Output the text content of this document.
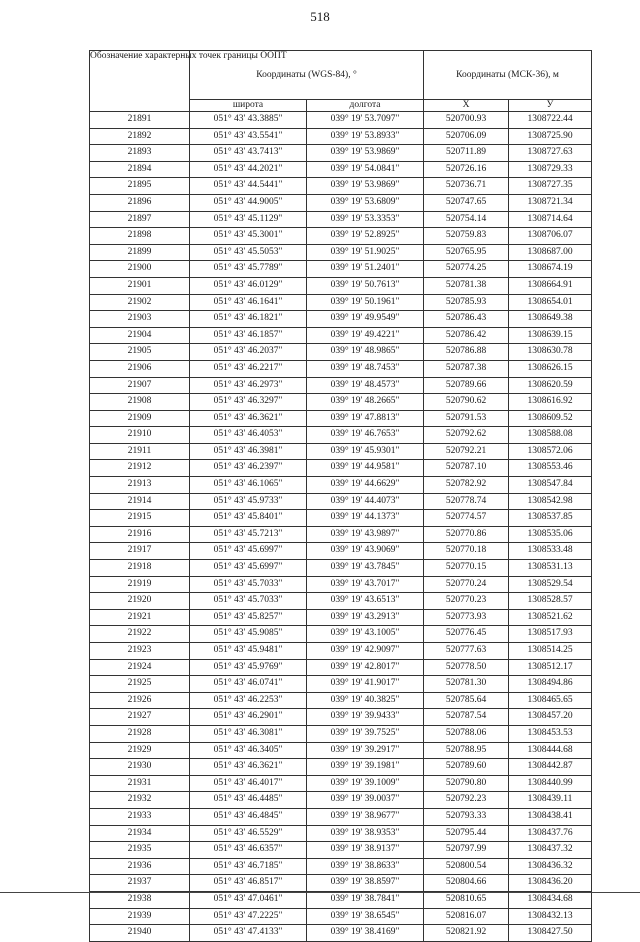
518
Обозначение характерных точек границы ООПТ	Координаты (WGS-84), °		Координаты (МСК-36), м	
	широта	долгота	X	У
21891	051° 43' 43.3885"	039° 19' 53.7097"	520700.93	1308722.44
21892	051° 43' 43.5541"	039° 19' 53.8933"	520706.09	1308725.90
21893	051° 43' 43.7413"	039° 19' 53.9869"	520711.89	1308727.63
21894	051° 43' 44.2021"	039° 19' 54.0841"	520726.16	1308729.33
21895	051° 43' 44.5441"	039° 19' 53.9869"	520736.71	1308727.35
21896	051° 43' 44.9005"	039° 19' 53.6809"	520747.65	1308721.34
21897	051° 43' 45.1129"	039° 19' 53.3353"	520754.14	1308714.64
21898	051° 43' 45.3001"	039° 19' 52.8925"	520759.83	1308706.07
21899	051° 43' 45.5053"	039° 19' 51.9025"	520765.95	1308687.00
21900	051° 43' 45.7789"	039° 19' 51.2401"	520774.25	1308674.19
21901	051° 43' 46.0129"	039° 19' 50.7613"	520781.38	1308664.91
21902	051° 43' 46.1641"	039° 19' 50.1961"	520785.93	1308654.01
21903	051° 43' 46.1821"	039° 19' 49.9549"	520786.43	1308649.38
21904	051° 43' 46.1857"	039° 19' 49.4221"	520786.42	1308639.15
21905	051° 43' 46.2037"	039° 19' 48.9865"	520786.88	1308630.78
21906	051° 43' 46.2217"	039° 19' 48.7453"	520787.38	1308626.15
21907	051° 43' 46.2973"	039° 19' 48.4573"	520789.66	1308620.59
21908	051° 43' 46.3297"	039° 19' 48.2665"	520790.62	1308616.92
21909	051° 43' 46.3621"	039° 19' 47.8813"	520791.53	1308609.52
21910	051° 43' 46.4053"	039° 19' 46.7653"	520792.62	1308588.08
21911	051° 43' 46.3981"	039° 19' 45.9301"	520792.21	1308572.06
21912	051° 43' 46.2397"	039° 19' 44.9581"	520787.10	1308553.46
21913	051° 43' 46.1065"	039° 19' 44.6629"	520782.92	1308547.84
21914	051° 43' 45.9733"	039° 19' 44.4073"	520778.74	1308542.98
21915	051° 43' 45.8401"	039° 19' 44.1373"	520774.57	1308537.85
21916	051° 43' 45.7213"	039° 19' 43.9897"	520770.86	1308535.06
21917	051° 43' 45.6997"	039° 19' 43.9069"	520770.18	1308533.48
21918	051° 43' 45.6997"	039° 19' 43.7845"	520770.15	1308531.13
21919	051° 43' 45.7033"	039° 19' 43.7017"	520770.24	1308529.54
21920	051° 43' 45.7033"	039° 19' 43.6513"	520770.23	1308528.57
21921	051° 43' 45.8257"	039° 19' 43.2913"	520773.93	1308521.62
21922	051° 43' 45.9085"	039° 19' 43.1005"	520776.45	1308517.93
21923	051° 43' 45.9481"	039° 19' 42.9097"	520777.63	1308514.25
21924	051° 43' 45.9769"	039° 19' 42.8017"	520778.50	1308512.17
21925	051° 43' 46.0741"	039° 19' 41.9017"	520781.30	1308494.86
21926	051° 43' 46.2253"	039° 19' 40.3825"	520785.64	1308465.65
21927	051° 43' 46.2901"	039° 19' 39.9433"	520787.54	1308457.20
21928	051° 43' 46.3081"	039° 19' 39.7525"	520788.06	1308453.53
21929	051° 43' 46.3405"	039° 19' 39.2917"	520788.95	1308444.68
21930	051° 43' 46.3621"	039° 19' 39.1981"	520789.60	1308442.87
21931	051° 43' 46.4017"	039° 19' 39.1009"	520790.80	1308440.99
21932	051° 43' 46.4485"	039° 19' 39.0037"	520792.23	1308439.11
21933	051° 43' 46.4845"	039° 19' 38.9677"	520793.33	1308438.41
21934	051° 43' 46.5529"	039° 19' 38.9353"	520795.44	1308437.76
21935	051° 43' 46.6357"	039° 19' 38.9137"	520797.99	1308437.32
21936	051° 43' 46.7185"	039° 19' 38.8633"	520800.54	1308436.32
21937	051° 43' 46.8517"	039° 19' 38.8597"	520804.66	1308436.20
21938	051° 43' 47.0461"	039° 19' 38.7841"	520810.65	1308434.68
21939	051° 43' 47.2225"	039° 19' 38.6545"	520816.07	1308432.13
21940	051° 43' 47.4133"	039° 19' 38.4169"	520821.92	1308427.50
